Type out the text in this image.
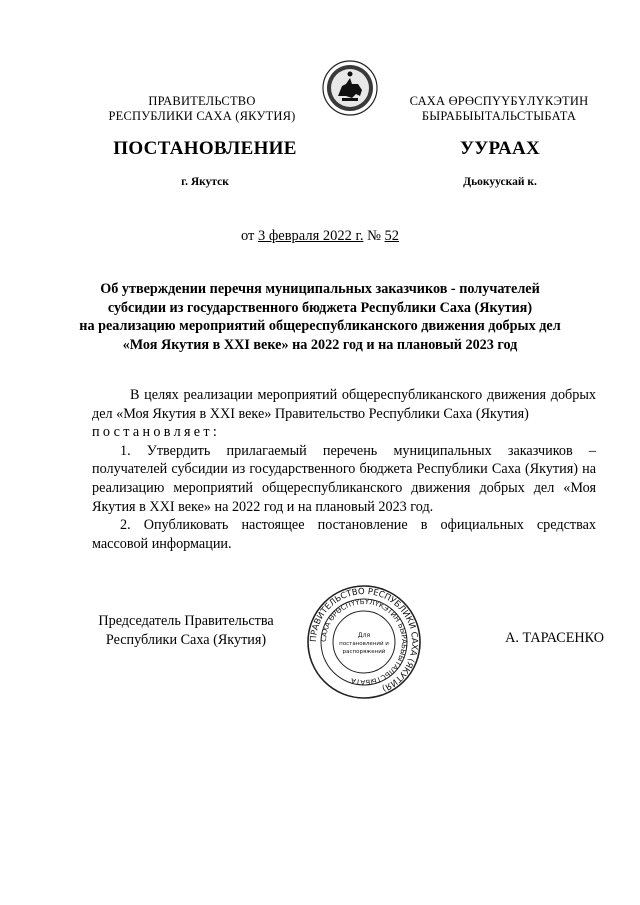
ПРАВИТЕЛЬСТВО
РЕСПУБЛИКИ САХА (ЯКУТИЯ)
САХА ӨРӨСПҮҮБҮЛҮКЭТИН
БЫРАБЫЫТАЛЬСТЫБАТА
ПОСТАНОВЛЕНИЕ	УУРААХ
г. Якутск	Дьокуускай к.
от 3 февраля 2022 г. № 52
Об утверждении перечня муниципальных заказчиков - получателей
субсидии из государственного бюджета Республики Саха (Якутия)
на реализацию мероприятий общереспубликанского движения добрых дел
«Моя Якутия в XXI веке» на 2022 год и на плановый 2023 год

В целях реализации мероприятий общереспубликанского движения добрых дел «Моя Якутия в XXI веке» Правительство Республики Саха (Якутия)

постановляет:

1. Утвердить прилагаемый перечень муниципальных заказчиков – получателей субсидии из государственного бюджета Республики Саха (Якутия) на реализацию мероприятий общереспубликанского движения добрых дел «Моя Якутия в XXI веке» на 2022 год и на плановый 2023 год.

2. Опубликовать настоящее постановление в официальных средствах массовой информации.

Председатель Правительства
Республики Саха (Якутия)	ПРАВИТЕЛЬСТВО РЕСПУБЛИКИ САХА (ЯКУТИЯ)
САХА ӨРӨСПҮҮБҮЛҮКЭТИН БЫРАБЫЫТАЛЬСТЫБАТА
Для
постановлений и
распоряжений
А. ТАРАСЕНКО
